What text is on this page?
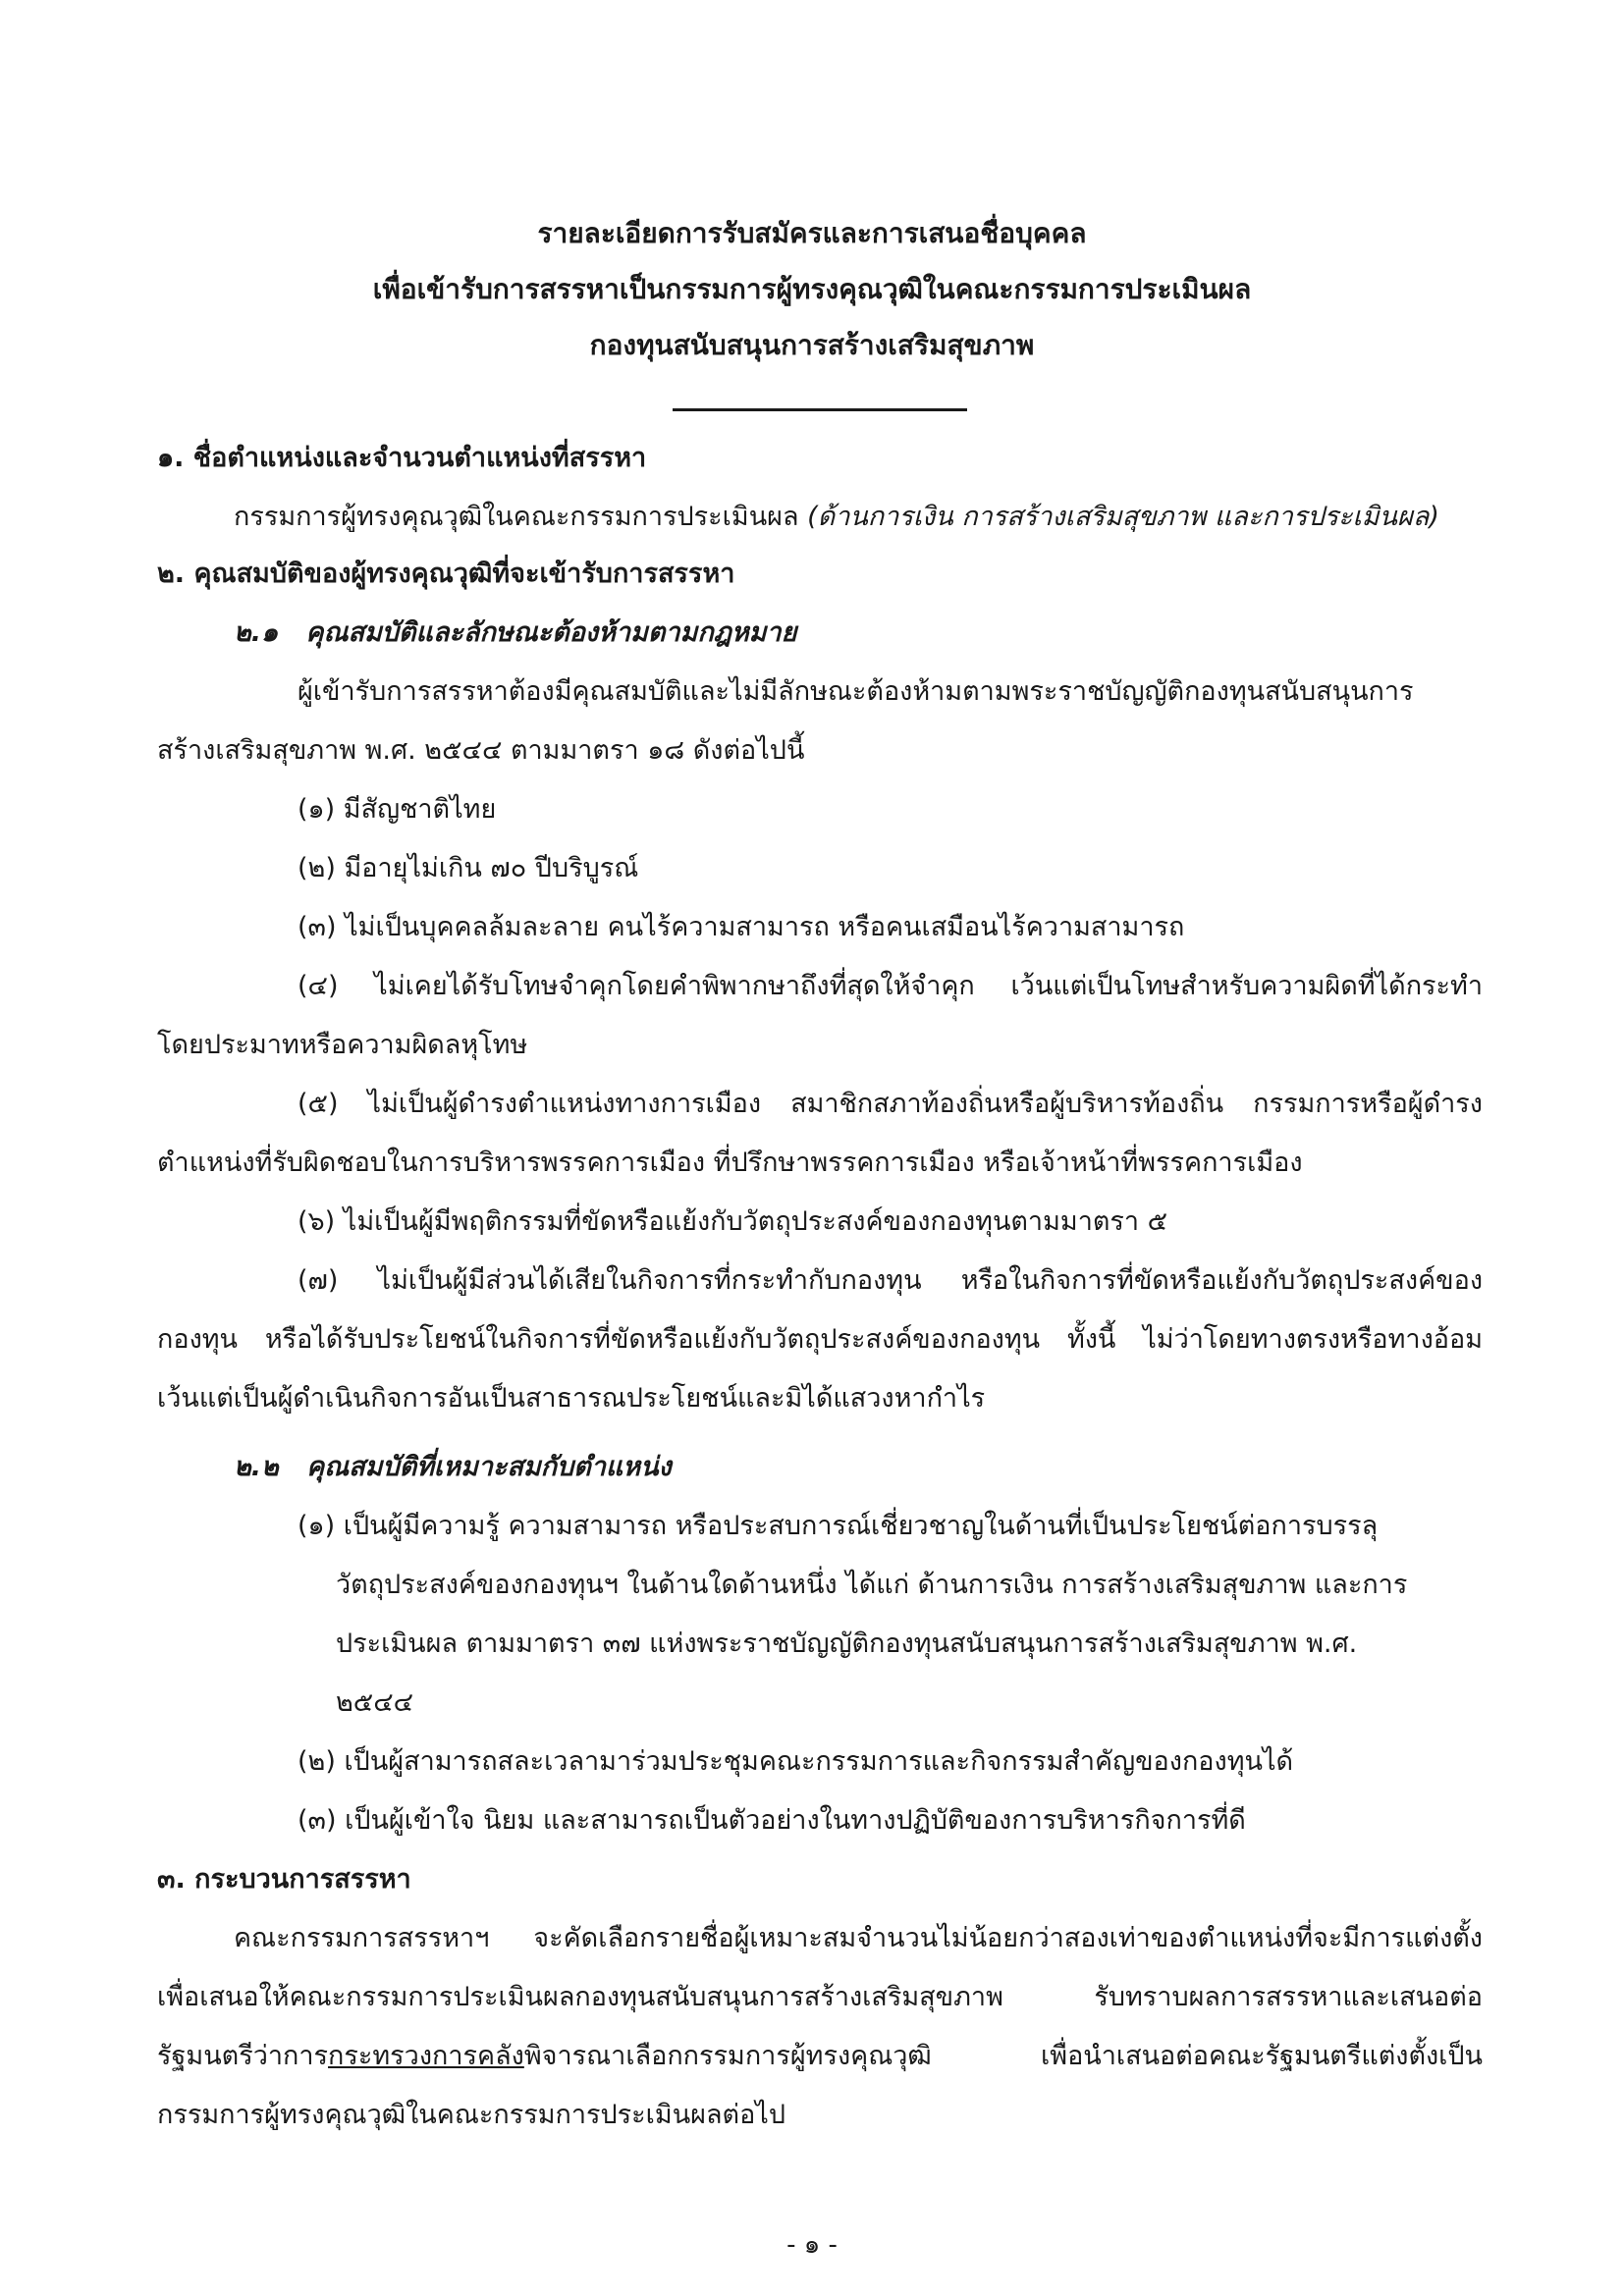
รายละเอียดการรับสมัครและการเสนอชื่อบุคคล

เพื่อเข้ารับการสรรหาเป็นกรรมการผู้ทรงคุณวุฒิในคณะกรรมการประเมินผล

กองทุนสนับสนุนการสร้างเสริมสุขภาพ

๑. ชื่อตำแหน่งและจำนวนตำแหน่งที่สรรหา

กรรมการผู้ทรงคุณวุฒิในคณะกรรมการประเมินผล (ด้านการเงิน การสร้างเสริมสุขภาพ และการประเมินผล)

๒. คุณสมบัติของผู้ทรงคุณวุฒิที่จะเข้ารับการสรรหา

๒.๑ คุณสมบัติและลักษณะต้องห้ามตามกฎหมาย

ผู้เข้ารับการสรรหาต้องมีคุณสมบัติและไม่มีลักษณะต้องห้ามตามพระราชบัญญัติกองทุนสนับสนุนการ

สร้างเสริมสุขภาพ พ.ศ. ๒๕๔๔ ตามมาตรา ๑๘ ดังต่อไปนี้

(๑) มีสัญชาติไทย

(๒) มีอายุไม่เกิน ๗๐ ปีบริบูรณ์

(๓) ไม่เป็นบุคคลล้มละลาย คนไร้ความสามารถ หรือคนเสมือนไร้ความสามารถ

(๔) ไม่เคยได้รับโทษจำคุกโดยคำพิพากษาถึงที่สุดให้จำคุก เว้นแต่เป็นโทษสำหรับความผิดที่ได้กระทำ

โดยประมาทหรือความผิดลหุโทษ

(๕) ไม่เป็นผู้ดำรงตำแหน่งทางการเมือง สมาชิกสภาท้องถิ่นหรือผู้บริหารท้องถิ่น กรรมการหรือผู้ดำรง

ตำแหน่งที่รับผิดชอบในการบริหารพรรคการเมือง ที่ปรึกษาพรรคการเมือง หรือเจ้าหน้าที่พรรคการเมือง

(๖) ไม่เป็นผู้มีพฤติกรรมที่ขัดหรือแย้งกับวัตถุประสงค์ของกองทุนตามมาตรา ๕

(๗) ไม่เป็นผู้มีส่วนได้เสียในกิจการที่กระทำกับกองทุน หรือในกิจการที่ขัดหรือแย้งกับวัตถุประสงค์ของ

กองทุน หรือได้รับประโยชน์ในกิจการที่ขัดหรือแย้งกับวัตถุประสงค์ของกองทุน ทั้งนี้ ไม่ว่าโดยทางตรงหรือทางอ้อม

เว้นแต่เป็นผู้ดำเนินกิจการอันเป็นสาธารณประโยชน์และมิได้แสวงหากำไร

๒.๒ คุณสมบัติที่เหมาะสมกับตำแหน่ง

(๑) เป็นผู้มีความรู้ ความสามารถ หรือประสบการณ์เชี่ยวชาญในด้านที่เป็นประโยชน์ต่อการบรรลุ

วัตถุประสงค์ของกองทุนฯ ในด้านใดด้านหนึ่ง ได้แก่ ด้านการเงิน การสร้างเสริมสุขภาพ และการ

ประเมินผล ตามมาตรา ๓๗ แห่งพระราชบัญญัติกองทุนสนับสนุนการสร้างเสริมสุขภาพ พ.ศ.

๒๕๔๔

(๒) เป็นผู้สามารถสละเวลามาร่วมประชุมคณะกรรมการและกิจกรรมสำคัญของกองทุนได้

(๓) เป็นผู้เข้าใจ นิยม และสามารถเป็นตัวอย่างในทางปฏิบัติของการบริหารกิจการที่ดี

๓. กระบวนการสรรหา

คณะกรรมการสรรหาฯ จะคัดเลือกรายชื่อผู้เหมาะสมจำนวนไม่น้อยกว่าสองเท่าของตำแหน่งที่จะมีการแต่งตั้ง

เพื่อเสนอให้คณะกรรมการประเมินผลกองทุนสนับสนุนการสร้างเสริมสุขภาพ รับทราบผลการสรรหาและเสนอต่อ

รัฐมนตรีว่าการกระทรวงการคลังพิจารณาเลือกกรรมการผู้ทรงคุณวุฒิ เพื่อนำเสนอต่อคณะรัฐมนตรีแต่งตั้งเป็น

กรรมการผู้ทรงคุณวุฒิในคณะกรรมการประเมินผลต่อไป

- ๑ -
